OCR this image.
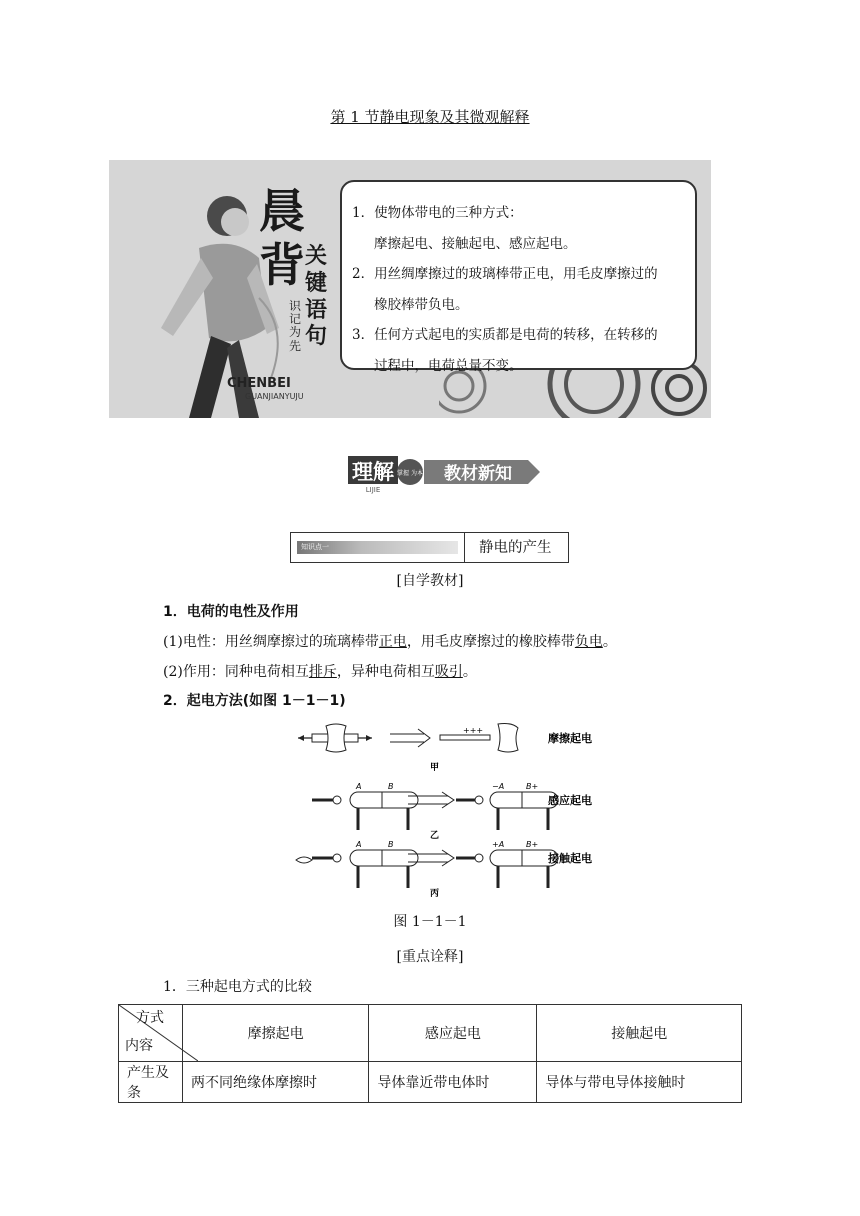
第 1 节静电现象及其微观解释
晨
背 关
键
语
句
识
记
为
先
CHENBEI
GUANJIANYUJU

1．使物体带电的三种方式：

摩擦起电、接触起电、感应起电。

2．用丝绸摩擦过的玻璃棒带正电，用毛皮摩擦过的

橡胶棒带负电。

3．任何方式起电的实质都是电荷的转移，在转移的

过程中，电荷总量不变。

理解
LIJIE
掌握 为本 教材新知
知识点一	静电的产生
[自学教材]
1．电荷的电性及作用
(1)电性：用丝绸摩擦过的琉璃棒带正电，用毛皮摩擦过的橡胶棒带负电。
(2)作用：同种电荷相互排斥，异种电荷相互吸引。
2．起电方法(如图 1－1－1)
+++
摩擦起电
甲
A	B	−A	B+
感应起电
乙
A	B	+A	B+
接触起电
丙
图 1－1－1
[重点诠释]
1．三种起电方式的比较
方式
内容	摩擦起电	感应起电	接触起电
产生及条	两不同绝缘体摩擦时	导体靠近带电体时	导体与带电导体接触时
